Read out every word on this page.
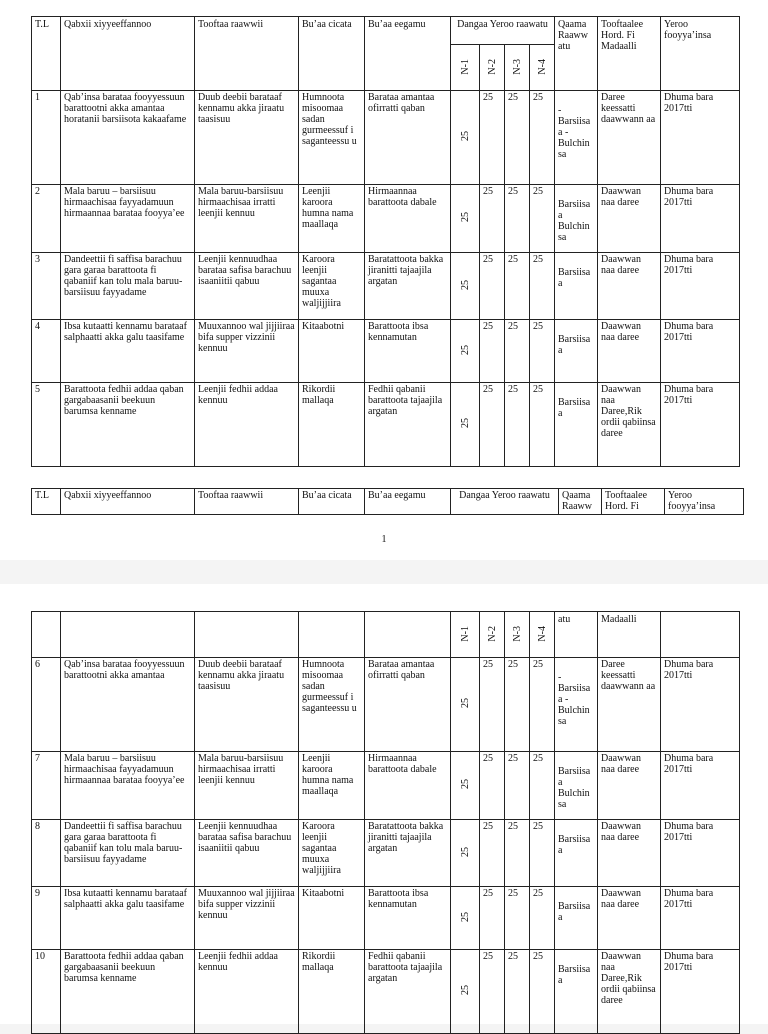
T.L	Qabxii xiyyeeffannoo	Tooftaa raawwii	Bu’aa cicata	Bu’aa eegamu	Dangaa Yeroo raawatu				Qaama Raaww atu	Tooftaalee Hord. Fi Madaalli	Yeroo fooyya’insa
					N-1	N-2	N-3	N-4			
1	Qab’insa barataa fooyyessuun barattootni akka amantaa horatanii barsiisota kakaafame	Duub deebii barataaf kennamu akka jiraatu taasisuu	Humnoota misoomaa sadan gurmeessuf i saganteessu u	Barataa amantaa ofirratti qaban	25	25	25	25	- Barsiisa a - Bulchin sa	Daree keessatti daawwann aa	Dhuma bara 2017tti
2	Mala baruu – barsiisuu hirmaachisaa fayyadamuun hirmaannaa barataa fooyya’ee	Mala baruu-barsiisuu hirmaachisaa irratti leenjii kennuu	Leenjii karoora humna nama maallaqa	Hirmaannaa barattoota dabale	25	25	25	25	Barsiisa a Bulchin sa	Daawwan naa daree	Dhuma bara 2017tti
3	Dandeettii fi saffisa barachuu gara garaa barattoota fi qabaniif kan tolu mala baruu- barsiisuu fayyadame	Leenjii kennuudhaa barataa safisa barachuu isaaniitii qabuu	Karoora leenjii sagantaa muuxa waljijjiira	Baratattoota bakka jiranitti tajaajila argatan	25	25	25	25	Barsiisa a	Daawwan naa daree	Dhuma bara 2017tti
4	Ibsa kutaatti kennamu barataaf salphaatti akka galu taasifame	Muuxannoo wal jijjiiraa bifa supper vizzinii kennuu	Kitaabotni	Barattoota ibsa kennamutan	25	25	25	25	Barsiisa a	Daawwan naa daree	Dhuma bara 2017tti
5	Barattoota fedhii addaa qaban gargabaasanii beekuun barumsa kenname	Leenjii fedhii addaa kennuu	Rikordii mallaqa	Fedhii qabanii barattoota tajaajila argatan	25	25	25	25	Barsiisa a	Daawwan naa Daree,Rik ordii qabiinsa daree	Dhuma bara 2017tti
T.L	Qabxii xiyyeeffannoo	Tooftaa raawwii	Bu’aa cicata	Bu’aa eegamu	Dangaa Yeroo raawatu	Qaama Raaww	Tooftaalee Hord. Fi	Yeroo fooyya’insa
1
					N-1	N-2	N-3	N-4	atu	Madaalli	
6	Qab’insa barataa fooyyessuun barattootni akka amantaa	Duub deebii barataaf kennamu akka jiraatu taasisuu	Humnoota misoomaa sadan gurmeessuf i saganteessu u	Barataa amantaa ofirratti qaban	25	25	25	25	- Barsiisa a - Bulchin sa	Daree keessatti daawwann aa	Dhuma bara 2017tti
7	Mala baruu – barsiisuu hirmaachisaa fayyadamuun hirmaannaa barataa fooyya’ee	Mala baruu-barsiisuu hirmaachisaa irratti leenjii kennuu	Leenjii karoora humna nama maallaqa	Hirmaannaa barattoota dabale	25	25	25	25	Barsiisa a Bulchin sa	Daawwan naa daree	Dhuma bara 2017tti
8	Dandeettii fi saffisa barachuu gara garaa barattoota fi qabaniif kan tolu mala baruu- barsiisuu fayyadame	Leenjii kennuudhaa barataa safisa barachuu isaaniitii qabuu	Karoora leenjii sagantaa muuxa waljijjiira	Baratattoota bakka jiranitti tajaajila argatan	25	25	25	25	Barsiisa a	Daawwan naa daree	Dhuma bara 2017tti
9	Ibsa kutaatti kennamu barataaf salphaatti akka galu taasifame	Muuxannoo wal jijjiiraa bifa supper vizzinii kennuu	Kitaabotni	Barattoota ibsa kennamutan	25	25	25	25	Barsiisa a	Daawwan naa daree	Dhuma bara 2017tti
10	Barattoota fedhii addaa qaban gargabaasanii beekuun barumsa kenname	Leenjii fedhii addaa kennuu	Rikordii mallaqa	Fedhii qabanii barattoota tajaajila argatan	25	25	25	25	Barsiisa a	Daawwan naa Daree,Rik ordii qabiinsa daree	Dhuma bara 2017tti
